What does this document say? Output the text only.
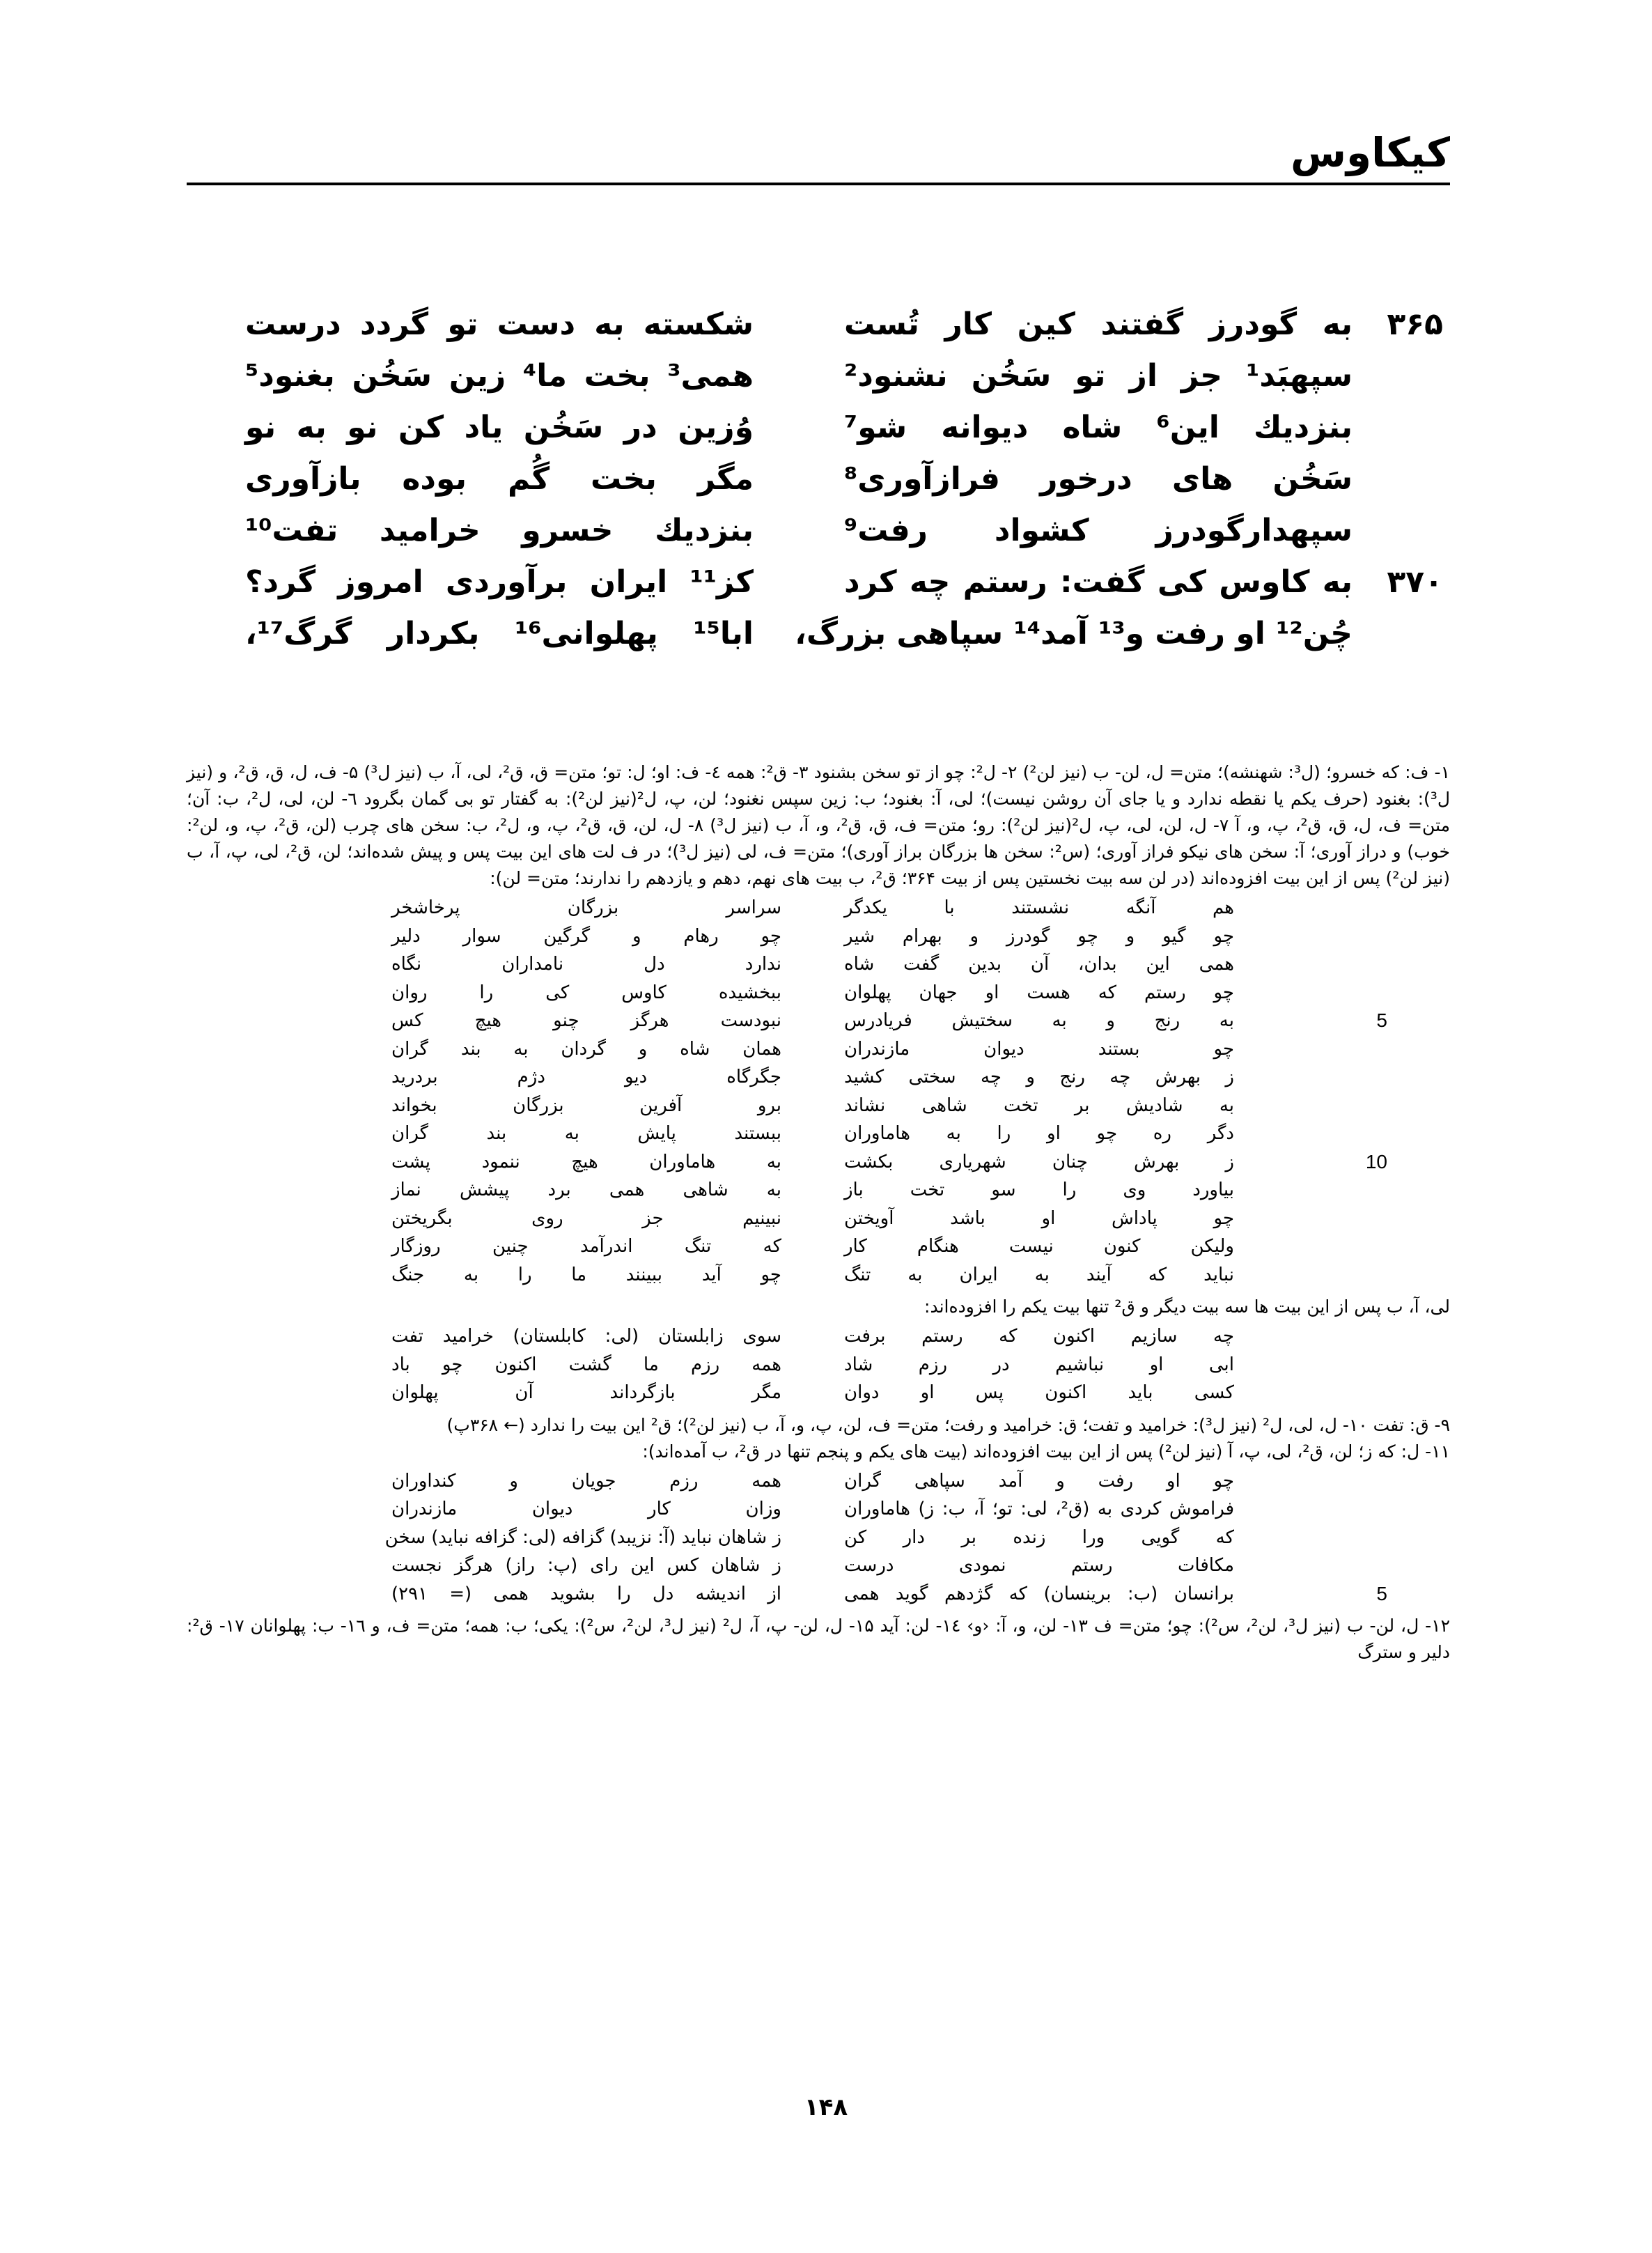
کیکاوس
۳۶۵
به گودرز گفتند کین کار تُست
شکسته به دست تو گردد درست
سپهبَد¹ جز از تو سَخُن نشنود²
همی³ بخت ما⁴ زین سَخُن بغنود⁵
بنزدیك این⁶ شاه دیوانه شو⁷
وُزین در سَخُن یاد کن نو به نو
سَخُن های درخور فرازآوری⁸
مگر بخت گُم بوده بازآوری
سپهدارگودرز کشواد رفت⁹
بنزدیك خسرو خرامید تفت¹⁰
۳۷۰
به کاوس کی گفت: رستم چه کرد
کز¹¹ ایران برآوردی امروز گرد؟
چُن¹² او رفت و¹³ آمد¹⁴ سپاهی بزرگ،
ابا¹⁵ پهلوانی¹⁶ بکردار گرگ¹⁷،

۱- ف: که خسرو؛ (ل³: شهنشه)؛ متن= ل، لن- ب (نیز لن²) ۲- ل²: چو از تو سخن بشنود ۳- ق²: همه ٤- ف: او؛ ل: تو؛ متن= ق، ق²، لی، آ، ب (نیز ل³) ۵- ف، ل، ق، ق²، و (نیز ل³): بغنود (حرف یکم یا نقطه ندارد و یا جای آن روشن نیست)؛ لی، آ: بغنود؛ ب: زین سپس نغنود؛ لن، پ، ل²(نیز لن²): به گفتار تو بی گمان بگرود ٦- لن، لی، ل²، ب: آن؛ متن= ف، ل، ق، ق²، پ، و، آ ۷- ل، لن، لی، پ، ل²(نیز لن²): رو؛ متن= ف، ق، ق²، و، آ، ب (نیز ل³) ۸- ل، لن، ق، ق²، پ، و، ل²، ب: سخن های چرب (لن، ق²، پ، و، لن²: خوب) و دراز آوری؛ آ: سخن های نیکو فراز آوری؛ (س²: سخن ها بزرگان براز آوری)؛ متن= ف، لی (نیز ل³)؛ در ف لت های این بیت پس و پیش شده‌اند؛ لن، ق²، لی، پ، آ، ب (نیز لن²) پس از این بیت افزوده‌اند (در لن سه بیت نخستین پس از بیت ۳۶۴؛ ق²، ب بیت های نهم، دهم و یازدهم را ندارند؛ متن= لن):

هم آنگه نشستند با یکدگر
سراسر بزرگان پرخاشخر
چو گیو و چو گودرز و بهرام شیر
چو رهام و گرگین سوار دلیر
همی این بدان، آن بدین گفت شاه
ندارد دل نامداران نگاه
چو رستم که هست او جهان پهلوان
ببخشیده کاوس کی را روان
5
به رنج و به سختیش فریادرس
نبودست هرگز چنو هیچ کس
چو بستند دیوان مازندران
همان شاه و گردان به بند گران
ز بهرش چه رنج و چه سختی کشید
جگرگاه دیو دژم بردرید
به شادیش بر تخت شاهی نشاند
برو آفرین بزرگان بخواند
دگر ره چو او را به هاماوران
ببستند پایش به بند گران
10
ز بهرش چنان شهریاری بکشت
به هاماوران هیچ ننمود پشت
بیاورد وی را سو تخت باز
به شاهی همی برد پیشش نماز
چو پاداش او باشد آویختن
نبینیم جز روی بگریختن
ولیکن کنون نیست هنگام کار
که تنگ اندرآمد چنین روزگار
نباید که آیند به ایران به تنگ
چو آید ببینند ما را به جنگ

لی، آ، ب پس از این بیت ها سه بیت دیگر و ق² تنها بیت یکم را افزوده‌اند:

چه سازیم اکنون که رستم برفت
سوی زابلستان (لی: کابلستان) خرامید تفت
ابی او نباشیم در رزم شاد
همه رزم ما گشت اکنون چو باد
کسی باید اکنون پس او دوان
مگر بازگرداند آن پهلوان

۹- ق: تفت ۱۰- ل، لی، ل² (نیز ل³): خرامید و تفت؛ ق: خرامید و رفت؛ متن= ف، لن، پ، و، آ، ب (نیز لن²)؛ ق² این بیت را ندارد (← ۳۶۸پ)

۱۱- ل: که ز؛ لن، ق²، لی، پ، آ (نیز لن²) پس از این بیت افزوده‌اند (بیت های یکم و پنجم تنها در ق²، ب آمده‌اند):

چو او رفت و آمد سپاهی گران
همه رزم جویان و کنداوران
فراموش کردی به (ق²، لی: تو؛ آ، ب: ز) هاماوران
وزان کار دیوان مازندران
که گویی ورا زنده بر دار کن
ز شاهان نباید (آ: نزیبد) گزافه (لی: گزافه نباید) سخن
مکافات رستم نمودی درست
ز شاهان کس این رای (پ: راز) هرگز نجست
5
برانسان (ب: برینسان) که گژدهم گوید همی
از اندیشه دل را بشوید همی (= ۲۹۱)

۱۲- ل، لن- ب (نیز ل³، لن²، س²): چو؛ متن= ف ۱۳- لن، و، آ: ‹و› ١٤- لن: آید ۱۵- ل، لن- پ، آ، ل² (نیز ل³، لن²، س²): یکی؛ ب: همه؛ متن= ف، و ١٦- ب: پهلوانان ۱۷- ق²: دلیر و سترگ

۱۴۸
